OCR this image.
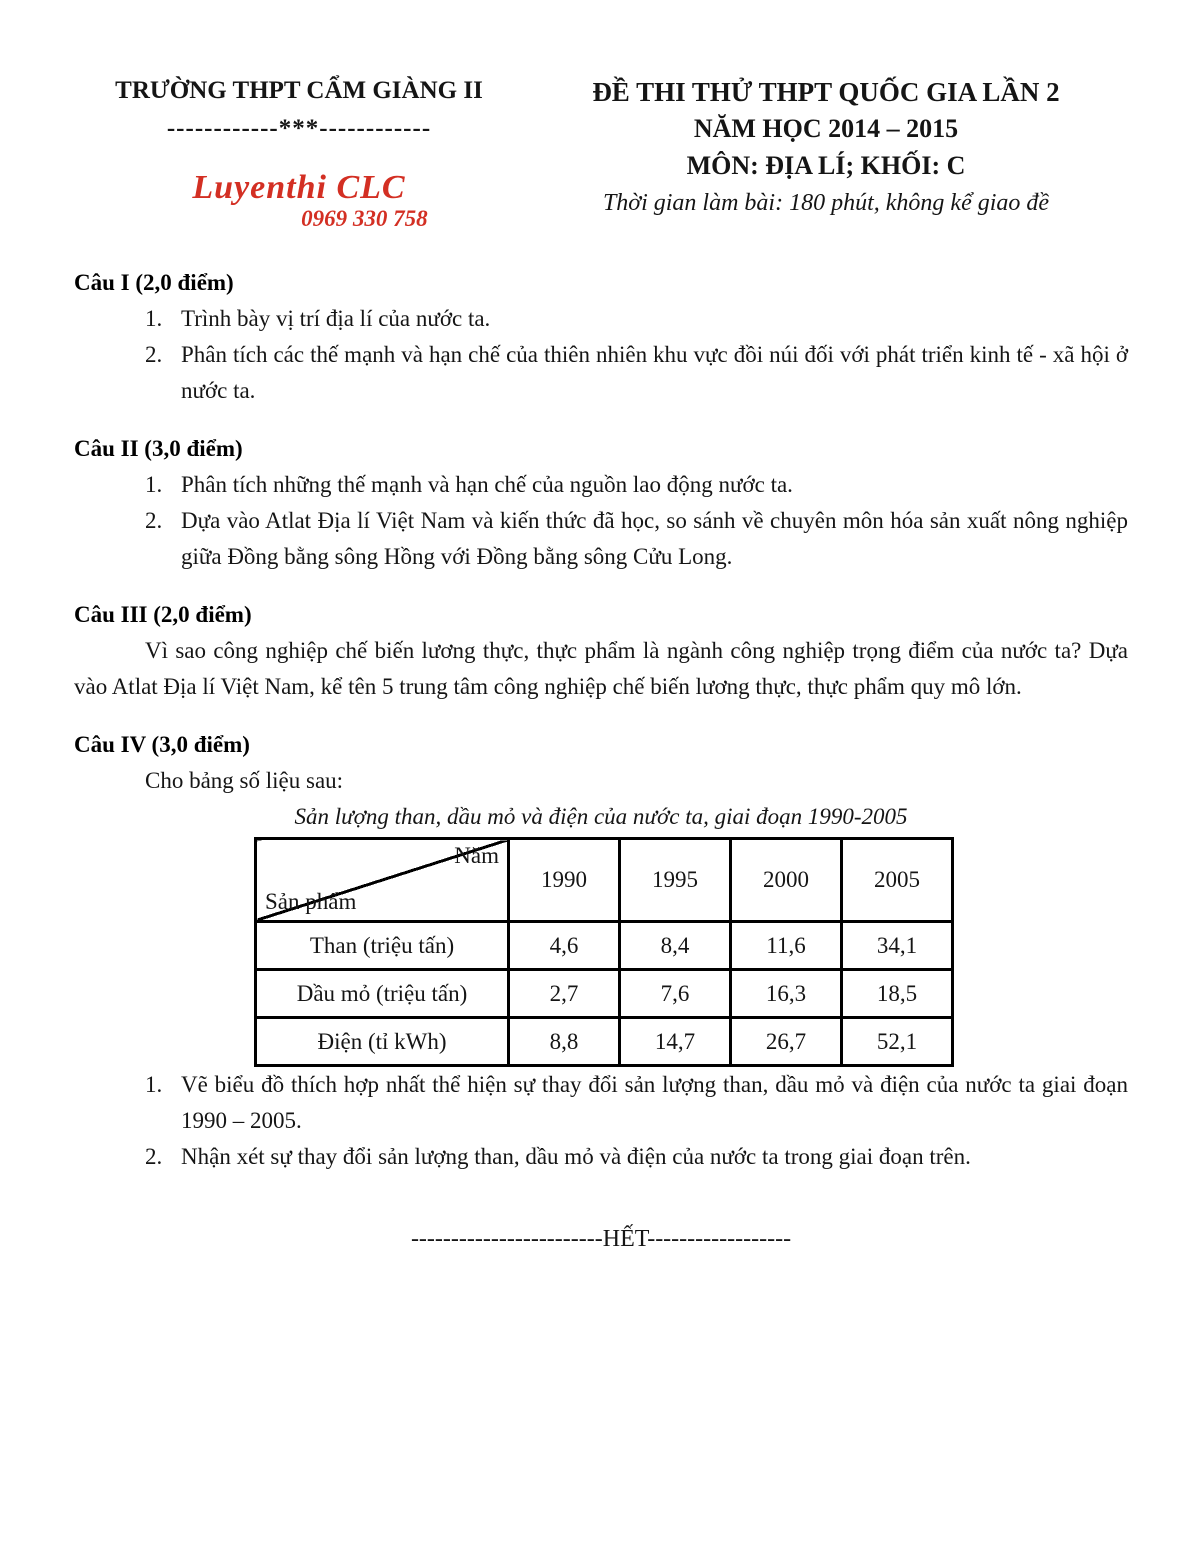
TRƯỜNG THPT CẨM GIÀNG II
------------***------------
Luyenthi CLC
0969 330 758
ĐỀ THI THỬ THPT QUỐC GIA LẦN 2
NĂM HỌC 2014 – 2015
MÔN: ĐỊA LÍ; KHỐI: C
Thời gian làm bài: 180 phút, không kể giao đề
Câu I (2,0 điểm)
1. Trình bày vị trí địa lí của nước ta.
2. Phân tích các thế mạnh và hạn chế của thiên nhiên khu vực đồi núi đối với phát triển kinh tế - xã hội ở nước ta.
Câu II (3,0 điểm)
1. Phân tích những thế mạnh và hạn chế của nguồn lao động nước ta.
2. Dựa vào Atlat Địa lí Việt Nam và kiến thức đã học, so sánh về chuyên môn hóa sản xuất nông nghiệp giữa Đồng bằng sông Hồng với Đồng bằng sông Cửu Long.
Câu III (2,0 điểm)
Vì sao công nghiệp chế biến lương thực, thực phẩm là ngành công nghiệp trọng điểm của nước ta? Dựa vào Atlat Địa lí Việt Nam, kể tên 5 trung tâm công nghiệp chế biến lương thực, thực phẩm quy mô lớn.
Câu IV (3,0 điểm)
Cho bảng số liệu sau:
Sản lượng than, dầu mỏ và điện của nước ta, giai đoạn 1990-2005
Năm
Sản phẩm	1990	1995	2000	2005
Than (triệu tấn)	4,6	8,4	11,6	34,1
Dầu mỏ (triệu tấn)	2,7	7,6	16,3	18,5
Điện (tỉ kWh)	8,8	14,7	26,7	52,1
1. Vẽ biểu đồ thích hợp nhất thể hiện sự thay đổi sản lượng than, dầu mỏ và điện của nước ta giai đoạn 1990 – 2005.
2. Nhận xét sự thay đổi sản lượng than, dầu mỏ và điện của nước ta trong giai đoạn trên.
------------------------HẾT------------------
